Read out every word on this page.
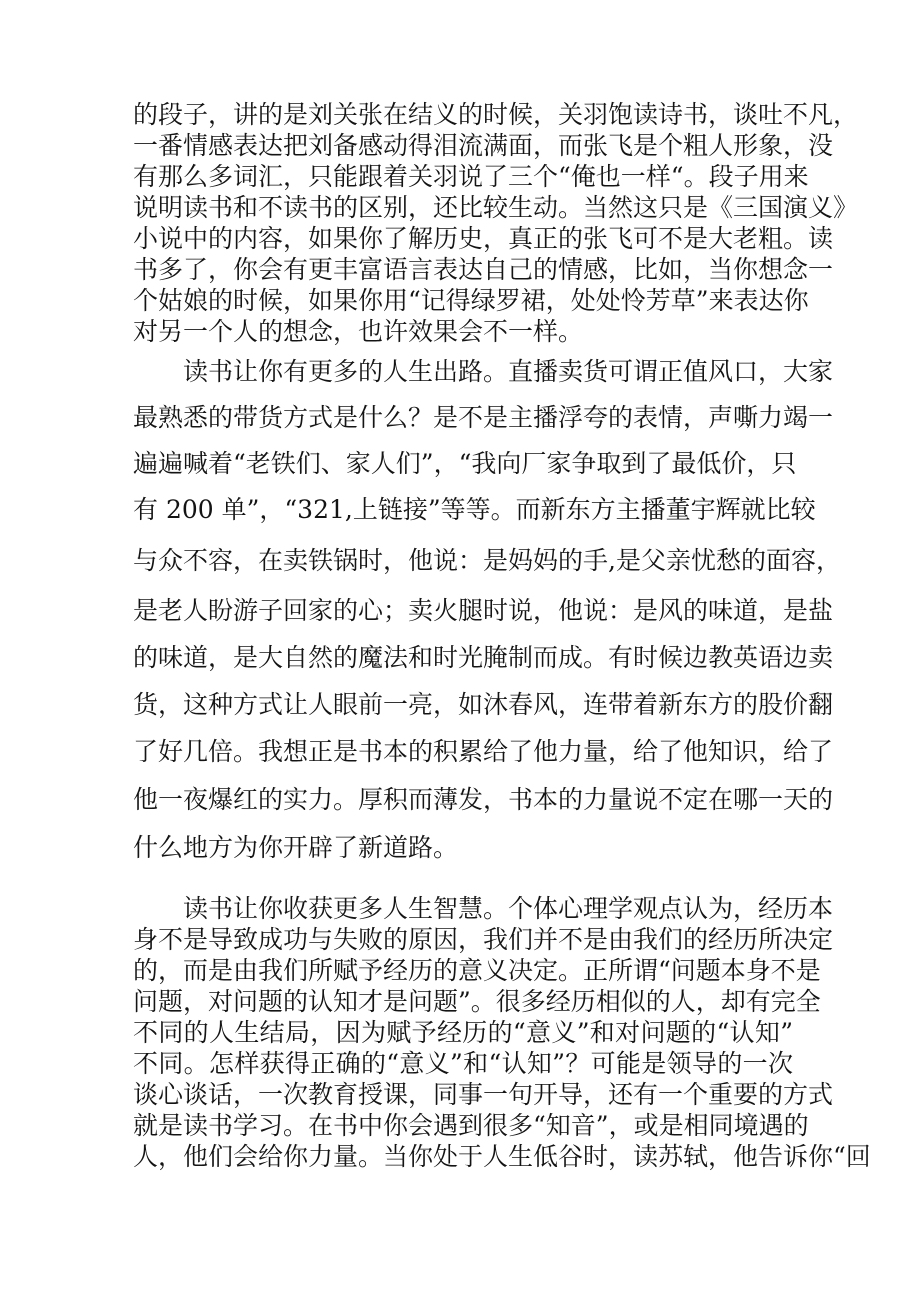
的段子，讲的是刘关张在结义的时候，关羽饱读诗书，谈吐不凡，

一番情感表达把刘备感动得泪流满面，而张飞是个粗人形象，没

有那么多词汇，只能跟着关羽说了三个“俺也一样“。段子用来

说明读书和不读书的区别，还比较生动。当然这只是《三国演义》

小说中的内容，如果你了解历史，真正的张飞可不是大老粗。读

书多了，你会有更丰富语言表达自己的情感，比如，当你想念一

个姑娘的时候，如果你用“记得绿罗裙，处处怜芳草”来表达你

对另一个人的想念，也许效果会不一样。

读书让你有更多的人生出路。直播卖货可谓正值风口，大家

最熟悉的带货方式是什么？是不是主播浮夸的表情，声嘶力竭一

遍遍喊着“老铁们、家人们”，“我向厂家争取到了最低价，只

有 200 单”，“321,上链接”等等。而新东方主播董宇辉就比较

与众不容，在卖铁锅时，他说：是妈妈的手,是父亲忧愁的面容，

是老人盼游子回家的心；卖火腿时说，他说：是风的味道，是盐

的味道，是大自然的魔法和时光腌制而成。有时候边教英语边卖

货，这种方式让人眼前一亮，如沐春风，连带着新东方的股价翻

了好几倍。我想正是书本的积累给了他力量，给了他知识，给了

他一夜爆红的实力。厚积而薄发，书本的力量说不定在哪一天的

什么地方为你开辟了新道路。

读书让你收获更多人生智慧。个体心理学观点认为，经历本

身不是导致成功与失败的原因，我们并不是由我们的经历所决定

的，而是由我们所赋予经历的意义决定。正所谓“问题本身不是

问题，对问题的认知才是问题”。很多经历相似的人，却有完全

不同的人生结局，因为赋予经历的“意义”和对问题的“认知”

不同。怎样获得正确的“意义”和“认知”？可能是领导的一次

谈心谈话，一次教育授课，同事一句开导，还有一个重要的方式

就是读书学习。在书中你会遇到很多“知音”，或是相同境遇的

人，他们会给你力量。当你处于人生低谷时，读苏轼，他告诉你“回
